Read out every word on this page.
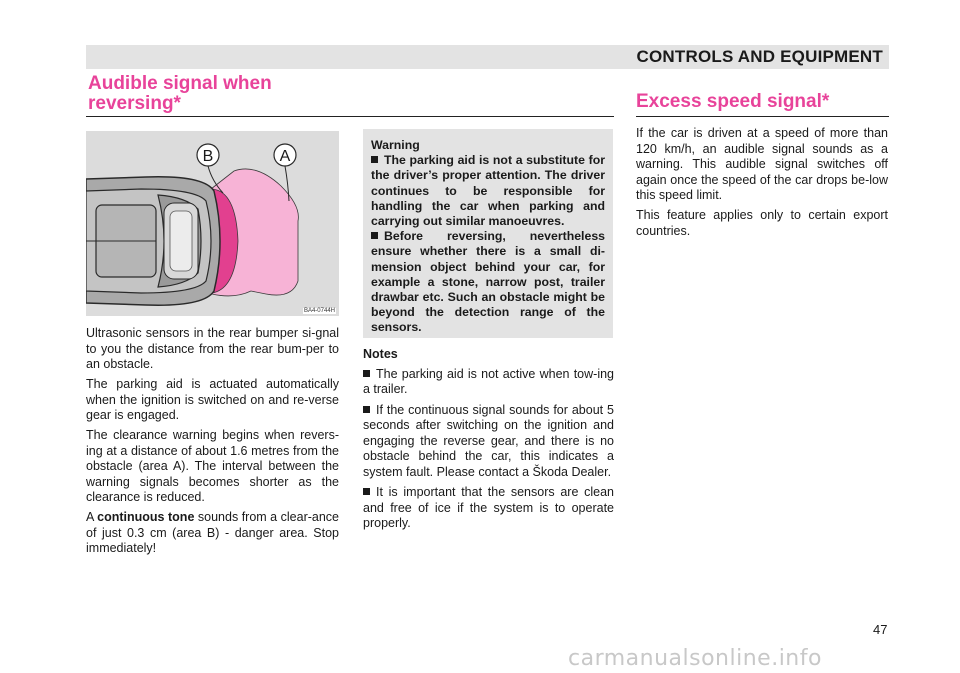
CONTROLS AND EQUIPMENT
Audible signal when
reversing*	Excess speed signal*
B	A
BA4-0744H

Ultrasonic sensors in the rear bumper si-gnal to you the distance from the rear bum-per to an obstacle.

The parking aid is actuated automatically when the ignition is switched on and re-verse gear is engaged.

The clearance warning begins when revers-ing at a distance of about 1.6 metres from the obstacle (area A). The interval between the warning signals becomes shorter as the clearance is reduced.

A continuous tone sounds from a clear-ance of just 0.3 cm (area B) - danger area. Stop immediately!

Warning

The parking aid is not a substitute for the driver’s proper attention. The driver continues to be responsible for handling the car when parking and carrying out similar manoeuvres.

Before reversing, nevertheless ensure whether there is a small di-mension object behind your car, for example a stone, narrow post, trailer drawbar etc. Such an obstacle might be beyond the detection range of the sensors.

Notes

The parking aid is not active when tow-ing a trailer.

If the continuous signal sounds for about 5 seconds after switching on the ignition and engaging the reverse gear, and there is no obstacle behind the car, this indicates a system fault. Please contact a Škoda Dealer.

It is important that the sensors are clean and free of ice if the system is to operate properly.

If the car is driven at a speed of more than 120 km/h, an audible signal sounds as a warning. This audible signal switches off again once the speed of the car drops be-low this speed limit.

This feature applies only to certain export countries.

47
carmanualsonline.info
